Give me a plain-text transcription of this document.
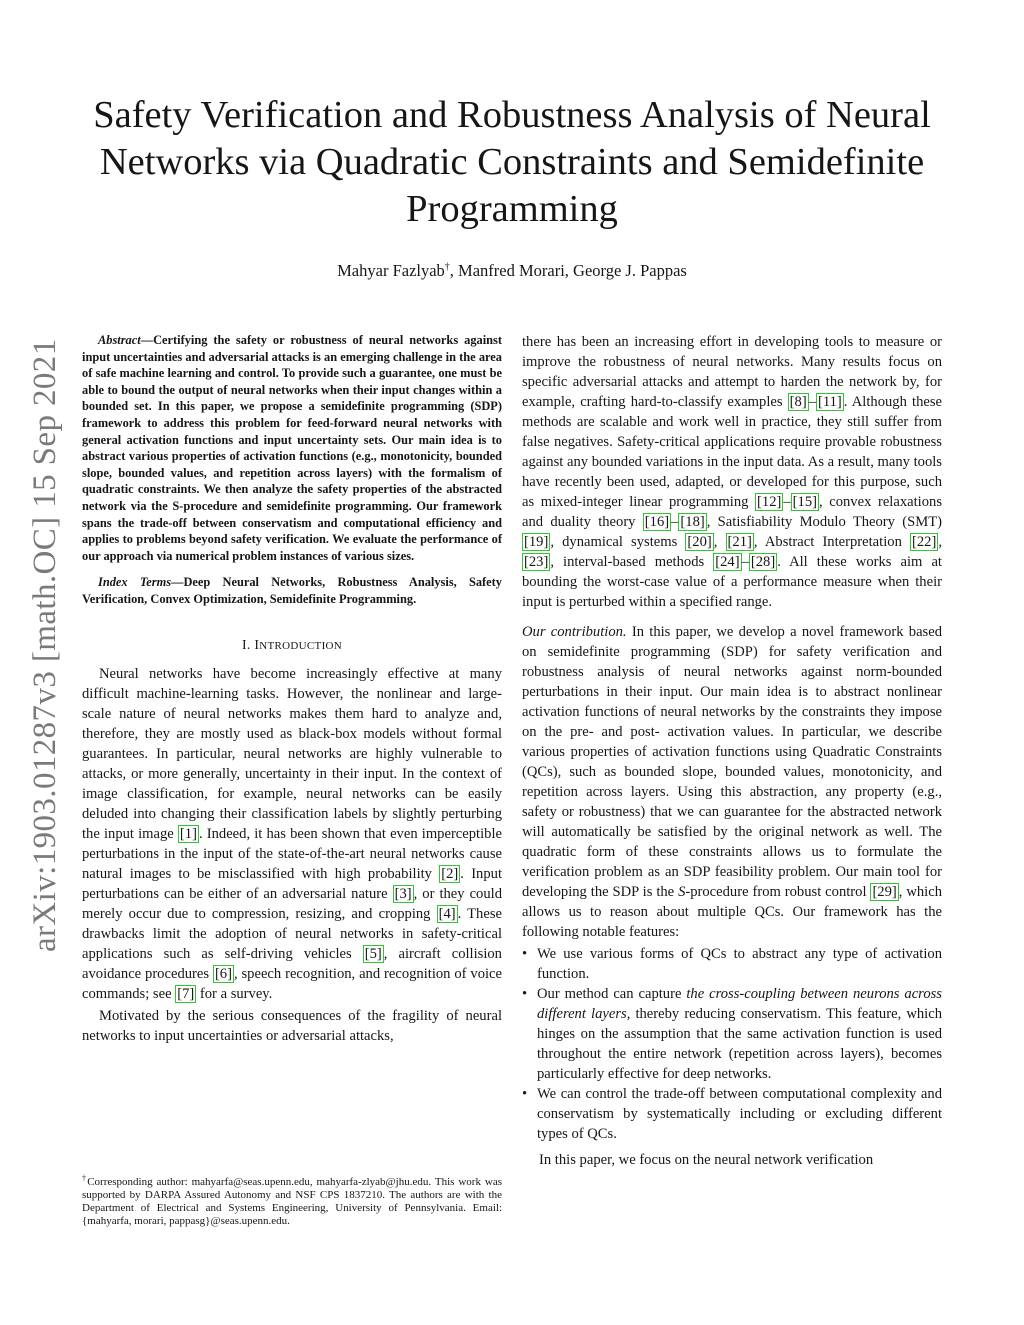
arXiv:1903.01287v3 [math.OC] 15 Sep 2021
Safety Verification and Robustness Analysis of Neural Networks via Quadratic Constraints and Semidefinite Programming
Mahyar Fazlyab†, Manfred Morari, George J. Pappas

Abstract—Certifying the safety or robustness of neural networks against input uncertainties and adversarial attacks is an emerging challenge in the area of safe machine learning and control. To provide such a guarantee, one must be able to bound the output of neural networks when their input changes within a bounded set. In this paper, we propose a semidefinite programming (SDP) framework to address this problem for feed-forward neural networks with general activation functions and input uncertainty sets. Our main idea is to abstract various properties of activation functions (e.g., monotonicity, bounded slope, bounded values, and repetition across layers) with the formalism of quadratic constraints. We then analyze the safety properties of the abstracted network via the S-procedure and semidefinite programming. Our framework spans the trade-off between conservatism and computational efficiency and applies to problems beyond safety verification. We evaluate the performance of our approach via numerical problem instances of various sizes.

Index Terms—Deep Neural Networks, Robustness Analysis, Safety Verification, Convex Optimization, Semidefinite Programming.

I. INTRODUCTION

Neural networks have become increasingly effective at many difficult machine-learning tasks. However, the nonlinear and large-scale nature of neural networks makes them hard to analyze and, therefore, they are mostly used as black-box models without formal guarantees. In particular, neural networks are highly vulnerable to attacks, or more generally, uncertainty in their input. In the context of image classification, for example, neural networks can be easily deluded into changing their classification labels by slightly perturbing the input image [1] . Indeed, it has been shown that even imperceptible perturbations in the input of the state-of-the-art neural networks cause natural images to be misclassified with high probability [2] . Input perturbations can be either of an adversarial nature [3] , or they could merely occur due to compression, resizing, and cropping [4] . These drawbacks limit the adoption of neural networks in safety-critical applications such as self-driving vehicles [5] , aircraft collision avoidance procedures [6] , speech recognition, and recognition of voice commands; see [7] for a survey.

Motivated by the serious consequences of the fragility of neural networks to input uncertainties or adversarial attacks,

†Corresponding author: mahyarfa@seas.upenn.edu, mahyarfa-zlyab@jhu.edu. This work was supported by DARPA Assured Autonomy and NSF CPS 1837210. The authors are with the Department of Electrical and Systems Engineering, University of Pennsylvania. Email: {mahyarfa, morari, pappasg}@seas.upenn.edu.

there has been an increasing effort in developing tools to measure or improve the robustness of neural networks. Many results focus on specific adversarial attacks and attempt to harden the network by, for example, crafting hard-to-classify examples [8] – [11] . Although these methods are scalable and work well in practice, they still suffer from false negatives. Safety-critical applications require provable robustness against any bounded variations in the input data. As a result, many tools have recently been used, adapted, or developed for this purpose, such as mixed-integer linear programming [12] – [15] , convex relaxations and duality theory [16] – [18] , Satisfiability Modulo Theory (SMT) [19] , dynamical systems [20] , [21] , Abstract Interpretation [22] , [23] , interval-based methods [24] – [28] . All these works aim at bounding the worst-case value of a performance measure when their input is perturbed within a specified range.

Our contribution. In this paper, we develop a novel framework based on semidefinite programming (SDP) for safety verification and robustness analysis of neural networks against norm-bounded perturbations in their input. Our main idea is to abstract nonlinear activation functions of neural networks by the constraints they impose on the pre- and post- activation values. In particular, we describe various properties of activation functions using Quadratic Constraints (QCs), such as bounded slope, bounded values, monotonicity, and repetition across layers. Using this abstraction, any property (e.g., safety or robustness) that we can guarantee for the abstracted network will automatically be satisfied by the original network as well. The quadratic form of these constraints allows us to formulate the verification problem as an SDP feasibility problem. Our main tool for developing the SDP is the S-procedure from robust control [29] , which allows us to reason about multiple QCs. Our framework has the following notable features:

• We use various forms of QCs to abstract any type of activation function.
• Our method can capture the cross-coupling between neurons across different layers, thereby reducing conservatism. This feature, which hinges on the assumption that the same activation function is used throughout the entire network (repetition across layers), becomes particularly effective for deep networks.
• We can control the trade-off between computational complexity and conservatism by systematically including or excluding different types of QCs.

In this paper, we focus on the neural network verification
